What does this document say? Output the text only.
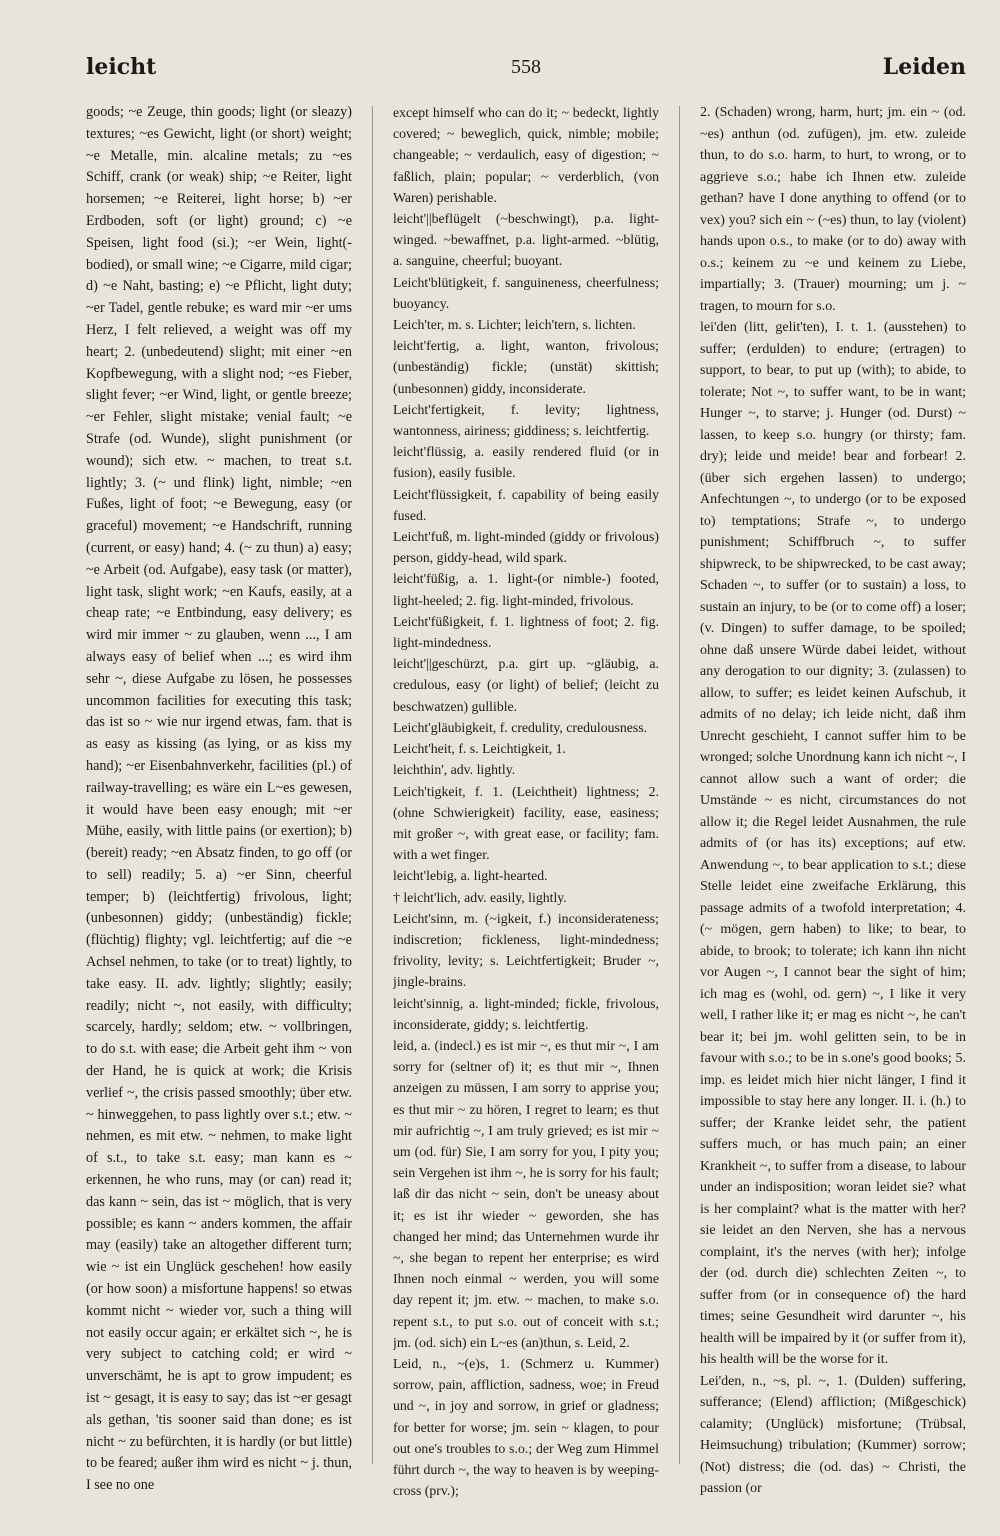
leicht	558	Leiden

goods; ~e Zeuge, thin goods; light (or sleazy) textures; ~es Gewicht, light (or short) weight; ~e Metalle, min. alcaline metals; zu ~es Schiff, crank (or weak) ship; ~e Reiter, light horsemen; ~e Reiterei, light horse; b) ~er Erdboden, soft (or light) ground; c) ~e Speisen, light food (si.); ~er Wein, light(-bodied), or small wine; ~e Cigarre, mild cigar; d) ~e Naht, basting; e) ~e Pflicht, light duty; ~er Tadel, gentle rebuke; es ward mir ~er ums Herz, I felt relieved, a weight was off my heart; 2. (unbedeutend) slight; mit einer ~en Kopfbewegung, with a slight nod; ~es Fieber, slight fever; ~er Wind, light, or gentle breeze; ~er Fehler, slight mistake; venial fault; ~e Strafe (od. Wunde), slight punishment (or wound); sich etw. ~ machen, to treat s.t. lightly; 3. (~ und flink) light, nimble; ~en Fußes, light of foot; ~e Bewegung, easy (or graceful) movement; ~e Handschrift, running (current, or easy) hand; 4. (~ zu thun) a) easy; ~e Arbeit (od. Aufgabe), easy task (or matter), light task, slight work; ~en Kaufs, easily, at a cheap rate; ~e Entbindung, easy delivery; es wird mir immer ~ zu glauben, wenn ..., I am always easy of belief when ...; es wird ihm sehr ~, diese Aufgabe zu lösen, he possesses uncommon facilities for executing this task; das ist so ~ wie nur irgend etwas, fam. that is as easy as kissing (as lying, or as kiss my hand); ~er Eisenbahnverkehr, facilities (pl.) of railway-travelling; es wäre ein L~es gewesen, it would have been easy enough; mit ~er Mühe, easily, with little pains (or exertion); b) (bereit) ready; ~en Absatz finden, to go off (or to sell) readily; 5. a) ~er Sinn, cheerful temper; b) (leichtfertig) frivolous, light; (unbesonnen) giddy; (unbeständig) fickle; (flüchtig) flighty; vgl. leichtfertig; auf die ~e Achsel nehmen, to take (or to treat) lightly, to take easy. II. adv. lightly; slightly; easily; readily; nicht ~, not easily, with difficulty; scarcely, hardly; seldom; etw. ~ vollbringen, to do s.t. with ease; die Arbeit geht ihm ~ von der Hand, he is quick at work; die Krisis verlief ~, the crisis passed smoothly; über etw. ~ hinweggehen, to pass lightly over s.t.; etw. ~ nehmen, es mit etw. ~ nehmen, to make light of s.t., to take s.t. easy; man kann es ~ erkennen, he who runs, may (or can) read it; das kann ~ sein, das ist ~ möglich, that is very possible; es kann ~ anders kommen, the affair may (easily) take an altogether different turn; wie ~ ist ein Unglück geschehen! how easily (or how soon) a misfortune happens! so etwas kommt nicht ~ wieder vor, such a thing will not easily occur again; er erkältet sich ~, he is very subject to catching cold; er wird ~ unverschämt, he is apt to grow impudent; es ist ~ gesagt, it is easy to say; das ist ~er gesagt als gethan, 'tis sooner said than done; es ist nicht ~ zu befürchten, it is hardly (or but little) to be feared; außer ihm wird es nicht ~ j. thun, I see no one

except himself who can do it; ~ bedeckt, lightly covered; ~ beweglich, quick, nimble; mobile; changeable; ~ verdaulich, easy of digestion; ~ faßlich, plain; popular; ~ verderblich, (von Waren) perishable.

leicht'||beflügelt (~beschwingt), p.a. light-winged. ~bewaffnet, p.a. light-armed. ~blütig, a. sanguine, cheerful; buoyant.

Leicht'blütigkeit, f. sanguineness, cheerfulness; buoyancy.

Leich'ter, m. s. Lichter; leich'tern, s. lichten.

leicht'fertig, a. light, wanton, frivolous; (unbeständig) fickle; (unstät) skittish; (unbesonnen) giddy, inconsiderate.

Leicht'fertigkeit, f. levity; lightness, wantonness, airiness; giddiness; s. leichtfertig.

leicht'flüssig, a. easily rendered fluid (or in fusion), easily fusible.

Leicht'flüssigkeit, f. capability of being easily fused.

Leicht'fuß, m. light-minded (giddy or frivolous) person, giddy-head, wild spark.

leicht'füßig, a. 1. light-(or nimble-) footed, light-heeled; 2. fig. light-minded, frivolous.

Leicht'füßigkeit, f. 1. lightness of foot; 2. fig. light-mindedness.

leicht'||geschürzt, p.a. girt up. ~gläubig, a. credulous, easy (or light) of belief; (leicht zu beschwatzen) gullible.

Leicht'gläubigkeit, f. credulity, credulousness.

Leicht'heit, f. s. Leichtigkeit, 1.

leichthin', adv. lightly.

Leich'tigkeit, f. 1. (Leichtheit) lightness; 2. (ohne Schwierigkeit) facility, ease, easiness; mit großer ~, with great ease, or facility; fam. with a wet finger.

leicht'lebig, a. light-hearted.

† leicht'lich, adv. easily, lightly.

Leicht'sinn, m. (~igkeit, f.) inconsiderateness; indiscretion; fickleness, light-mindedness; frivolity, levity; s. Leichtfertigkeit; Bruder ~, jingle-brains.

leicht'sinnig, a. light-minded; fickle, frivolous, inconsiderate, giddy; s. leichtfertig.

leid, a. (indecl.) es ist mir ~, es thut mir ~, I am sorry for (seltner of) it; es thut mir ~, Ihnen anzeigen zu müssen, I am sorry to apprise you; es thut mir ~ zu hören, I regret to learn; es thut mir aufrichtig ~, I am truly grieved; es ist mir ~ um (od. für) Sie, I am sorry for you, I pity you; sein Vergehen ist ihm ~, he is sorry for his fault; laß dir das nicht ~ sein, don't be uneasy about it; es ist ihr wieder ~ geworden, she has changed her mind; das Unternehmen wurde ihr ~, she began to repent her enterprise; es wird Ihnen noch einmal ~ werden, you will some day repent it; jm. etw. ~ machen, to make s.o. repent s.t., to put s.o. out of conceit with s.t.; jm. (od. sich) ein L~es (an)thun, s. Leid, 2.

Leid, n., ~(e)s, 1. (Schmerz u. Kummer) sorrow, pain, affliction, sadness, woe; in Freud und ~, in joy and sorrow, in grief or gladness; for better for worse; jm. sein ~ klagen, to pour out one's troubles to s.o.; der Weg zum Himmel führt durch ~, the way to heaven is by weeping-cross (prv.);

2. (Schaden) wrong, harm, hurt; jm. ein ~ (od. ~es) anthun (od. zufügen), jm. etw. zuleide thun, to do s.o. harm, to hurt, to wrong, or to aggrieve s.o.; habe ich Ihnen etw. zuleide gethan? have I done anything to offend (or to vex) you? sich ein ~ (~es) thun, to lay (violent) hands upon o.s., to make (or to do) away with o.s.; keinem zu ~e und keinem zu Liebe, impartially; 3. (Trauer) mourning; um j. ~ tragen, to mourn for s.o.

lei'den (litt, gelit'ten), I. t. 1. (ausstehen) to suffer; (erdulden) to endure; (ertragen) to support, to bear, to put up (with); to abide, to tolerate; Not ~, to suffer want, to be in want; Hunger ~, to starve; j. Hunger (od. Durst) ~ lassen, to keep s.o. hungry (or thirsty; fam. dry); leide und meide! bear and forbear! 2. (über sich ergehen lassen) to undergo; Anfechtungen ~, to undergo (or to be exposed to) temptations; Strafe ~, to undergo punishment; Schiffbruch ~, to suffer shipwreck, to be shipwrecked, to be cast away; Schaden ~, to suffer (or to sustain) a loss, to sustain an injury, to be (or to come off) a loser; (v. Dingen) to suffer damage, to be spoiled; ohne daß unsere Würde dabei leidet, without any derogation to our dignity; 3. (zulassen) to allow, to suffer; es leidet keinen Aufschub, it admits of no delay; ich leide nicht, daß ihm Unrecht geschieht, I cannot suffer him to be wronged; solche Unordnung kann ich nicht ~, I cannot allow such a want of order; die Umstände ~ es nicht, circumstances do not allow it; die Regel leidet Ausnahmen, the rule admits of (or has its) exceptions; auf etw. Anwendung ~, to bear application to s.t.; diese Stelle leidet eine zweifache Erklärung, this passage admits of a twofold interpretation; 4. (~ mögen, gern haben) to like; to bear, to abide, to brook; to tolerate; ich kann ihn nicht vor Augen ~, I cannot bear the sight of him; ich mag es (wohl, od. gern) ~, I like it very well, I rather like it; er mag es nicht ~, he can't bear it; bei jm. wohl gelitten sein, to be in favour with s.o.; to be in s.one's good books; 5. imp. es leidet mich hier nicht länger, I find it impossible to stay here any longer. II. i. (h.) to suffer; der Kranke leidet sehr, the patient suffers much, or has much pain; an einer Krankheit ~, to suffer from a disease, to labour under an indisposition; woran leidet sie? what is her complaint? what is the matter with her? sie leidet an den Nerven, she has a nervous complaint, it's the nerves (with her); infolge der (od. durch die) schlechten Zeiten ~, to suffer from (or in consequence of) the hard times; seine Gesundheit wird darunter ~, his health will be impaired by it (or suffer from it), his health will be the worse for it.

Lei'den, n., ~s, pl. ~, 1. (Dulden) suffering, sufferance; (Elend) affliction; (Mißgeschick) calamity; (Unglück) misfortune; (Trübsal, Heimsuchung) tribulation; (Kummer) sorrow; (Not) distress; die (od. das) ~ Christi, the passion (or
